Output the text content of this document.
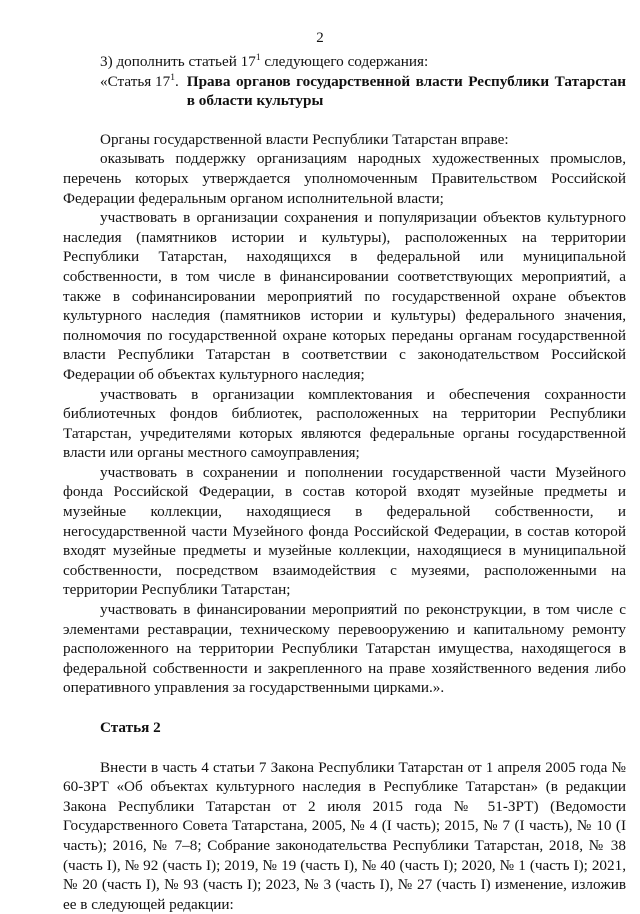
2

3) дополнить статьей $17^1$ следующего содержания:

«Статья $17^1$. Права органов государственной власти Республики Татарстан в области культуры

Органы государственной власти Республики Татарстан вправе:

оказывать поддержку организациям народных художественных промыслов, перечень которых утверждается уполномоченным Правительством Российской Федерации федеральным органом исполнительной власти;

участвовать в организации сохранения и популяризации объектов культурного наследия (памятников истории и культуры), расположенных на территории Республики Татарстан, находящихся в федеральной или муниципальной собственности, в том числе в финансировании соответствующих мероприятий, а также в софинансировании мероприятий по государственной охране объектов культурного наследия (памятников истории и культуры) федерального значения, полномочия по государственной охране которых переданы органам государственной власти Республики Татарстан в соответствии с законодательством Российской Федерации об объектах культурного наследия;

участвовать в организации комплектования и обеспечения сохранности библиотечных фондов библиотек, расположенных на территории Республики Татарстан, учредителями которых являются федеральные органы государственной власти или органы местного самоуправления;

участвовать в сохранении и пополнении государственной части Музейного фонда Российской Федерации, в состав которой входят музейные предметы и музейные коллекции, находящиеся в федеральной собственности, и негосударственной части Музейного фонда Российской Федерации, в состав которой входят музейные предметы и музейные коллекции, находящиеся в муниципальной собственности, посредством взаимодействия с музеями, расположенными на территории Республики Татарстан;

участвовать в финансировании мероприятий по реконструкции, в том числе с элементами реставрации, техническому перевооружению и капитальному ремонту расположенного на территории Республики Татарстан имущества, находящегося в федеральной собственности и закрепленного на праве хозяйственного ведения либо оперативного управления за государственными цирками.».

Статья 2

Внести в часть 4 статьи 7 Закона Республики Татарстан от 1 апреля 2005 года № 60-ЗРТ «Об объектах культурного наследия в Республике Татарстан» (в редакции Закона Республики Татарстан от 2 июля 2015 года № 51-ЗРТ) (Ведомости Государственного Совета Татарстана, 2005, № 4 (I часть); 2015, № 7 (I часть), № 10 (I часть); 2016, № 7–8; Собрание законодательства Республики Татарстан, 2018, № 38 (часть I), № 92 (часть I); 2019, № 19 (часть I), № 40 (часть I); 2020, № 1 (часть I); 2021, № 20 (часть I), № 93 (часть I); 2023, № 3 (часть I), № 27 (часть I) изменение, изложив ее в следующей редакции:
